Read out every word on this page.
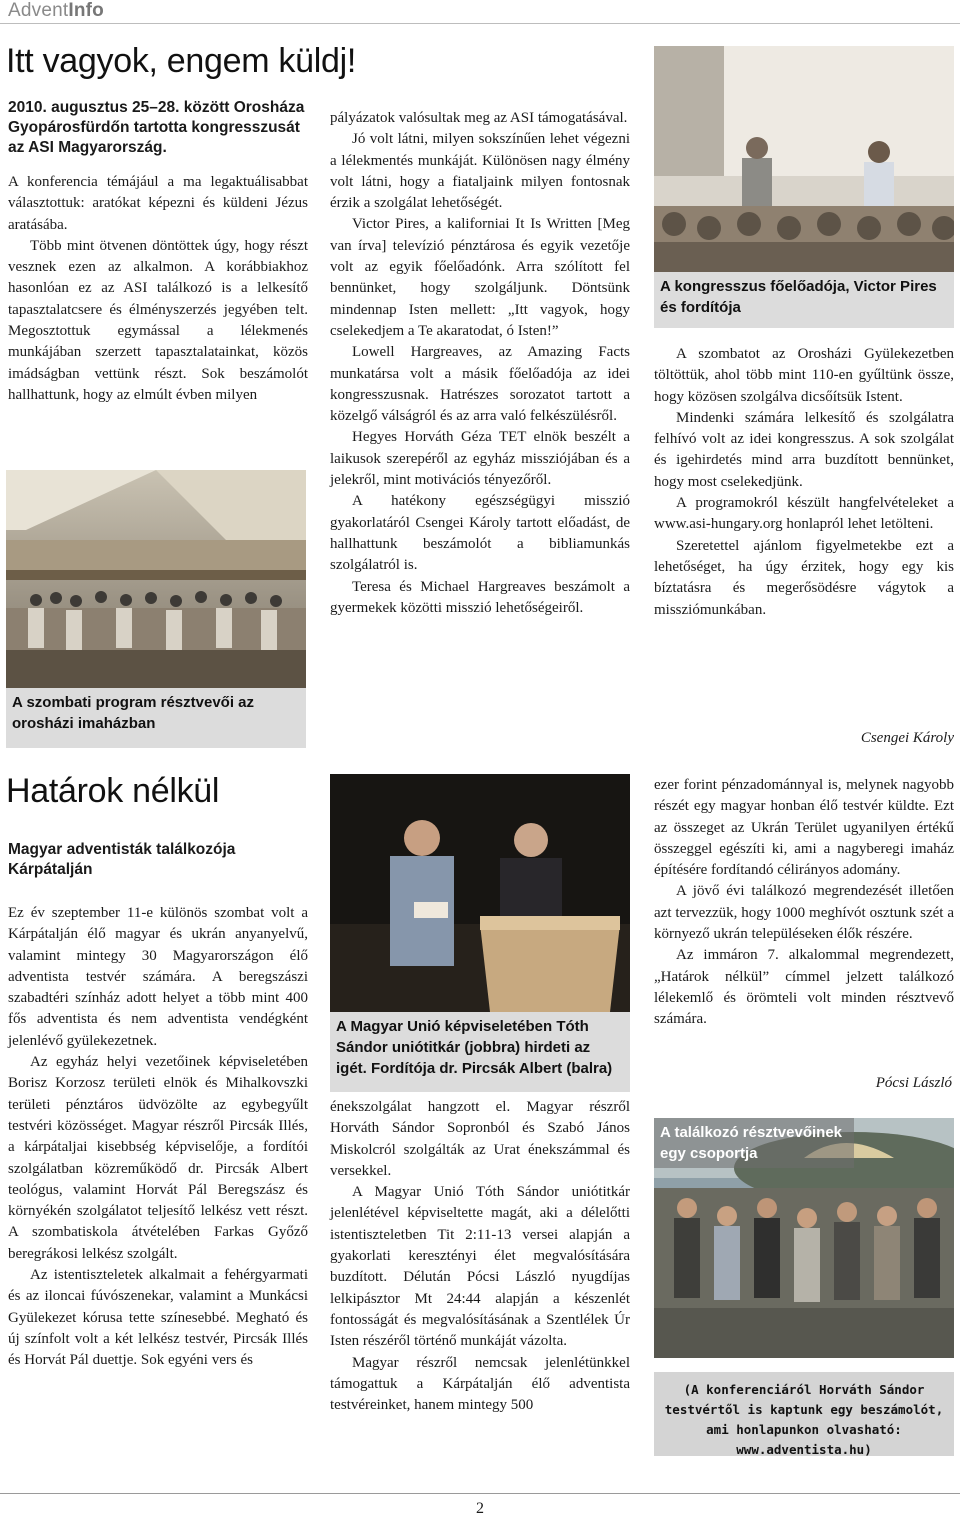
AdventInfo
Itt vagyok, engem küldj!
2010. augusztus 25–28. között Orosháza Gyopárosfürdőn tartotta kongresszusát az ASI Magyarország.

A konferencia témájául a ma legaktuálisabbat választottuk: aratókat képezni és küldeni Jézus aratásába.

Több mint ötvenen döntöttek úgy, hogy részt vesznek ezen az alkalmon. A korábbiakhoz hasonlóan ez az ASI találkozó is a lelkesítő tapasztalatcsere és élményszerzés jegyében telt. Megosztottuk egymással a lélekmenés munkájában szerzett tapasztalatainkat, közös imádságban vettünk részt. Sok beszámolót hallhattunk, hogy az elmúlt évben milyen

A szombati program résztvevői az orosházi imaházban

pályázatok valósultak meg az ASI támogatásával.

Jó volt látni, milyen sokszínűen lehet végezni a lélekmentés munkáját. Különösen nagy élmény volt látni, hogy a fiataljaink milyen fontosnak érzik a szolgálat lehetőségét.

Victor Pires, a kaliforniai It Is Written [Meg van írva] televízió pénztárosa és egyik vezetője volt az egyik főelőadónk. Arra szólított fel bennünket, hogy szolgáljunk. Döntsünk mindennap Isten mellett: „Itt vagyok, hogy cselekedjem a Te akaratodat, ó Isten!”

Lowell Hargreaves, az Amazing Facts munkatársa volt a másik főelőadója az idei kongresszusnak. Hatrészes sorozatot tartott a közelgő válságról és az arra való felkészülésről.

Hegyes Horváth Géza TET elnök beszélt a laikusok szerepéről az egyház missziójában és a jelekről, mint motivációs tényezőről.

A hatékony egészségügyi misszió gyakorlatáról Csengei Károly tartott előadást, de hallhattunk beszámolót a bibliamunkás szolgálatról is.

Teresa és Michael Hargreaves beszámolt a gyermekek közötti misszió lehetőségeiről.

A kongresszus főelőadója, Victor Pires és fordítója

A szombatot az Orosházi Gyülekezetben töltöttük, ahol több mint 110-en gyűltünk össze, hogy közösen szolgálva dicsőítsük Istent.

Mindenki számára lelkesítő és szolgálatra felhívó volt az idei kongresszus. A sok szolgálat és igehirdetés mind arra buzdított bennünket, hogy most cselekedjünk.

A programokról készült hangfelvételeket a www.asi-hungary.org honlapról lehet letölteni.

Szeretettel ajánlom figyelmetekbe ezt a lehetőséget, ha úgy érzitek, hogy egy kis bíztatásra és megerősödésre vágytok a missziómunkában.

Csengei Károly
Határok nélkül
Magyar adventisták találkozója Kárpátalján

Ez év szeptember 11-e különös szombat volt a Kárpátalján élő magyar és ukrán anyanyelvű, valamint mintegy 30 Magyarországon élő adventista testvér számára. A beregszászi szabadtéri színház adott helyet a több mint 400 fős adventista és nem adventista vendégként jelenlévő gyülekezetnek.

Az egyház helyi vezetőinek képviseletében Borisz Korzosz területi elnök és Mihalkovszki területi pénztáros üdvözölte az egybegyűlt testvéri közösséget. Magyar részről Pircsák Illés, a kárpátaljai kisebbség képviselője, a fordítói szolgálatban közreműködő dr. Pircsák Albert teológus, valamint Horvát Pál Beregszász és környékén szolgálatot teljesítő lelkész vett részt. A szombatiskola átvételében Farkas Győző beregrákosi lelkész szolgált.

Az istentiszteletek alkalmait a fehérgyarmati és az iloncai fúvószenekar, valamint a Munkácsi Gyülekezet kórusa tette színesebbé. Megható és új színfolt volt a két lelkész testvér, Pircsák Illés és Horvát Pál duettje. Sok egyéni vers és

A Magyar Unió képviseletében Tóth Sándor uniótitkár (jobbra) hirdeti az igét. Fordítója dr. Pircsák Albert (balra)

énekszolgálat hangzott el. Magyar részről Horváth Sándor Sopronból és Szabó János Miskolcról szolgálták az Urat énekszámmal és versekkel.

A Magyar Unió Tóth Sándor uniótitkár jelenlétével képviseltette magát, aki a délelőtti istentiszteletben Tit 2:11-13 versei alapján a gyakorlati keresztényi élet megvalósítására buzdított. Délután Pócsi László nyugdíjas lelkipásztor Mt 24:44 alapján a készenlét fontosságát és megvalósításának a Szentlélek Úr Isten részéről történő munkáját vázolta.

Magyar részről nemcsak jelenlétünkkel támogattuk a Kárpátalján élő adventista testvéreinket, hanem mintegy 500

ezer forint pénzadománnyal is, melynek nagyobb részét egy magyar honban élő testvér küldte. Ezt az összeget az Ukrán Terület ugyanilyen értékű összeggel egészíti ki, ami a nagyberegi imaház építésére fordítandó célirányos adomány.

A jövő évi találkozó megrendezését illetően azt tervezzük, hogy 1000 meghívót osztunk szét a környező ukrán településeken élők részére.

Az immáron 7. alkalommal megrendezett, „Határok nélkül” címmel jelzett találkozó lélekemlő és örömteli volt minden résztvevő számára.

Pócsi László
A találkozó résztvevőinek egy csoportja
(A konferenciáról Horváth Sándor testvértől is kaptunk egy beszámolót, ami honlapunkon olvasható: www.adventista.hu)
2
